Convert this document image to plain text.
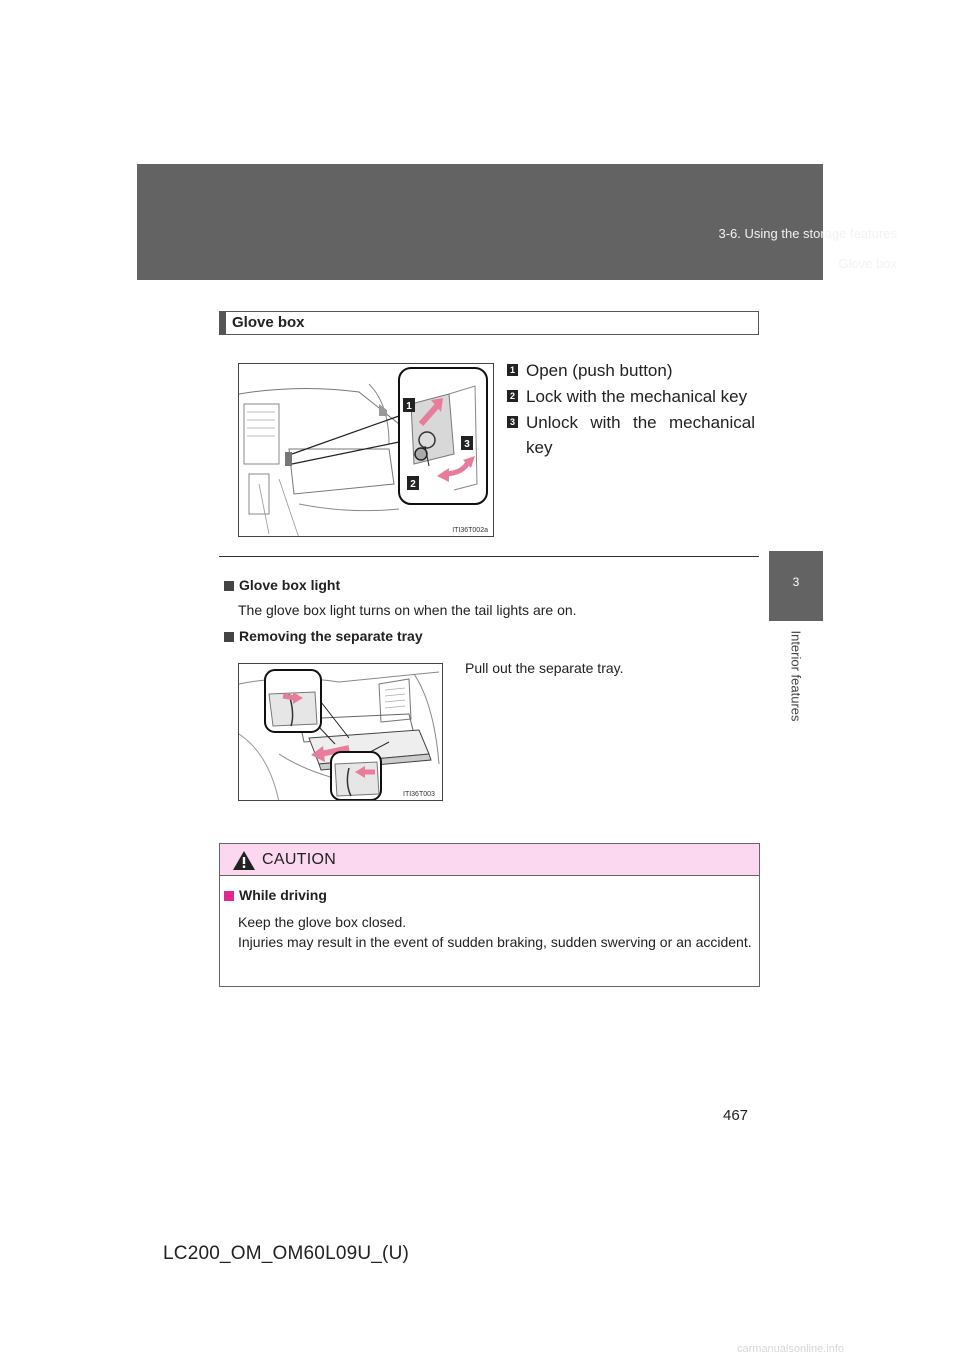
3-6. Using the storage features
Glove box
3
Interior features
Glove box
1
2
3
ITI36T002a
1 Open (push button)
2 Lock with the mechanical key
3 Unlock with the mechanical key
Glove box light
The glove box light turns on when the tail lights are on.
Removing the separate tray
ITI36T003
Pull out the separate tray.
CAUTION
While driving
Keep the glove box closed.
Injuries may result in the event of sudden braking, sudden swerving or an accident.
467
LC200_OM_OM60L09U_(U)
carmanualsonline.info
